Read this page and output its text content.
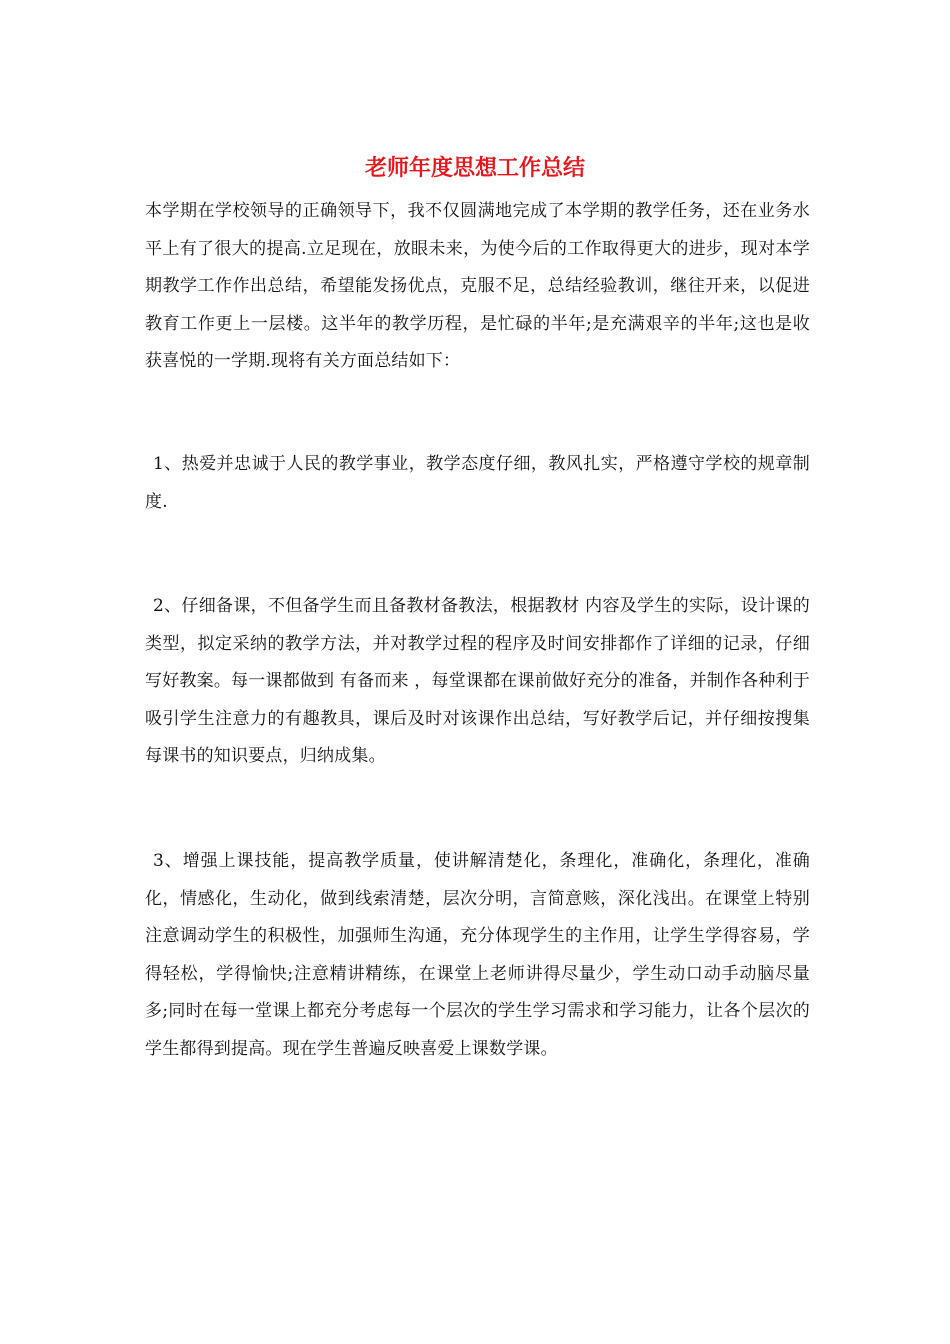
老师年度思想工作总结

本学期在学校领导的正确领导下，我不仅圆满地完成了本学期的教学任务，还在业务水平上有了很大的提高.立足现在，放眼未来，为使今后的工作取得更大的进步，现对本学期教学工作作出总结，希望能发扬优点，克服不足，总结经验教训，继往开来，以促进教育工作更上一层楼。这半年的教学历程，是忙碌的半年;是充满艰辛的半年;这也是收获喜悦的一学期.现将有关方面总结如下：

1、热爱并忠诚于人民的教学事业，教学态度仔细，教风扎实，严格遵守学校的规章制度.

2、仔细备课，不但备学生而且备教材备教法，根据教材 内容及学生的实际，设计课的类型，拟定采纳的教学方法，并对教学过程的程序及时间安排都作了详细的记录，仔细写好教案。每一课都做到 有备而来 ，每堂课都在课前做好充分的准备，并制作各种利于吸引学生注意力的有趣教具，课后及时对该课作出总结，写好教学后记，并仔细按搜集每课书的知识要点，归纳成集。

3、增强上课技能，提高教学质量，使讲解清楚化，条理化，准确化，条理化，准确化，情感化，生动化，做到线索清楚，层次分明，言简意赅，深化浅出。在课堂上特别注意调动学生的积极性，加强师生沟通，充分体现学生的主作用，让学生学得容易，学得轻松，学得愉快;注意精讲精练，在课堂上老师讲得尽量少，学生动口动手动脑尽量多;同时在每一堂课上都充分考虑每一个层次的学生学习需求和学习能力，让各个层次的学生都得到提高。现在学生普遍反映喜爱上课数学课。
